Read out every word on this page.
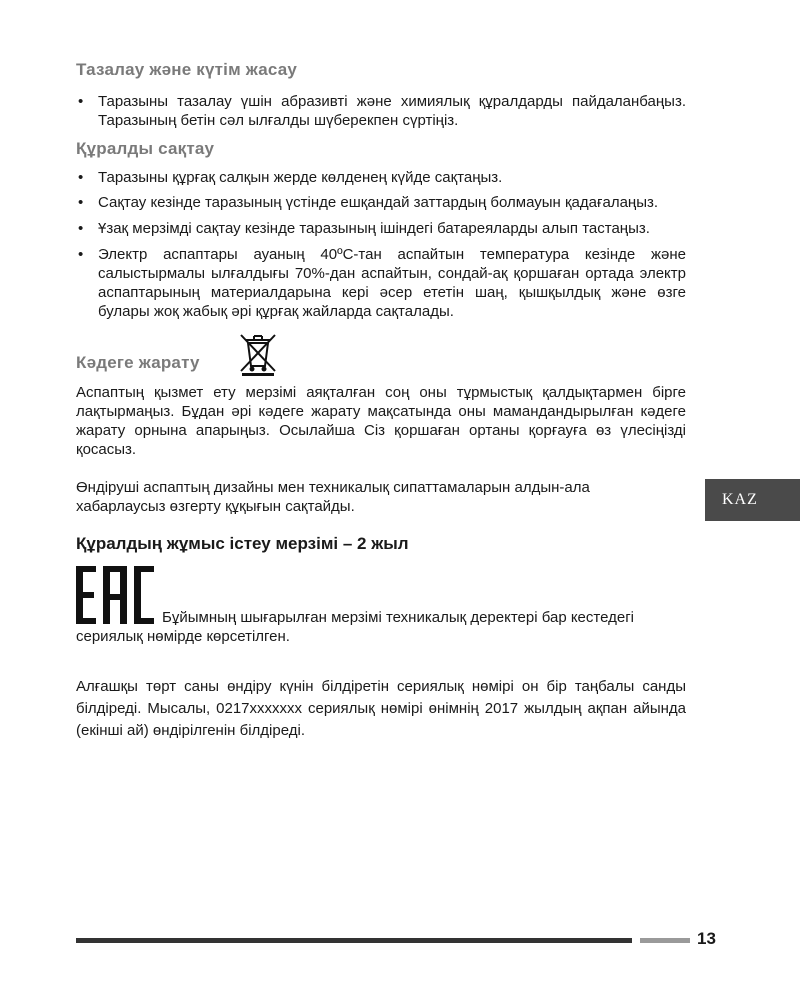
Тазалау және күтім жасау
• Таразыны тазалау үшін абразивті және химиялық құралдарды пайдаланбаңыз. Таразының бетін сәл ылғалды шүберекпен сүртіңіз.
Құралды сақтау
• Таразыны құрғақ салқын жерде көлденең күйде сақтаңыз.
• Сақтау кезінде таразының үстінде ешқандай заттардың болмауын қадағалаңыз.
• Ұзақ мерзімді сақтау кезінде таразының ішіндегі батареяларды алып тастаңыз.
• Электр аспаптары ауаның 40ºC-тан аспайтын температура кезінде және салыстырмалы ылғалдығы 70%-дан аспайтын, сондай-ақ қоршаған ортада электр аспаптарының материалдарына кері әсер ететін шаң, қышқылдық және өзге булары жоқ жабық әрі құрғақ жайларда сақталады.
Кәдеге жарату

Аспаптың қызмет ету мерзімі аяқталған соң оны тұрмыстық қалдықтармен бірге лақтырмаңыз. Бұдан әрі кәдеге жарату мақсатында оны мамандандырылған кәдеге жарату орнына апарыңыз. Осылайша Сіз қоршаған ортаны қорғауға өз үлесіңізді қосасыз.

Өндіруші аспаптың дизайны мен техникалық сипаттамаларын алдын-ала хабарлаусыз өзгерту құқығын сақтайды.

Құралдың жұмыс істеу мерзімі – 2 жыл

Бұйымның шығарылған мерзімі техникалық деректері бар кестедегі сериялық нөмірде көрсетілген.

Алғашқы төрт саны өндіру күнін білдіретін сериялық нөмірі он бір таңбалы санды білдіреді. Мысалы, 0217xxxxxxx сериялық нөмірі өнімнің 2017 жылдың ақпан айында (екінші ай) өндірілгенін білдіреді.

KAZ
13
